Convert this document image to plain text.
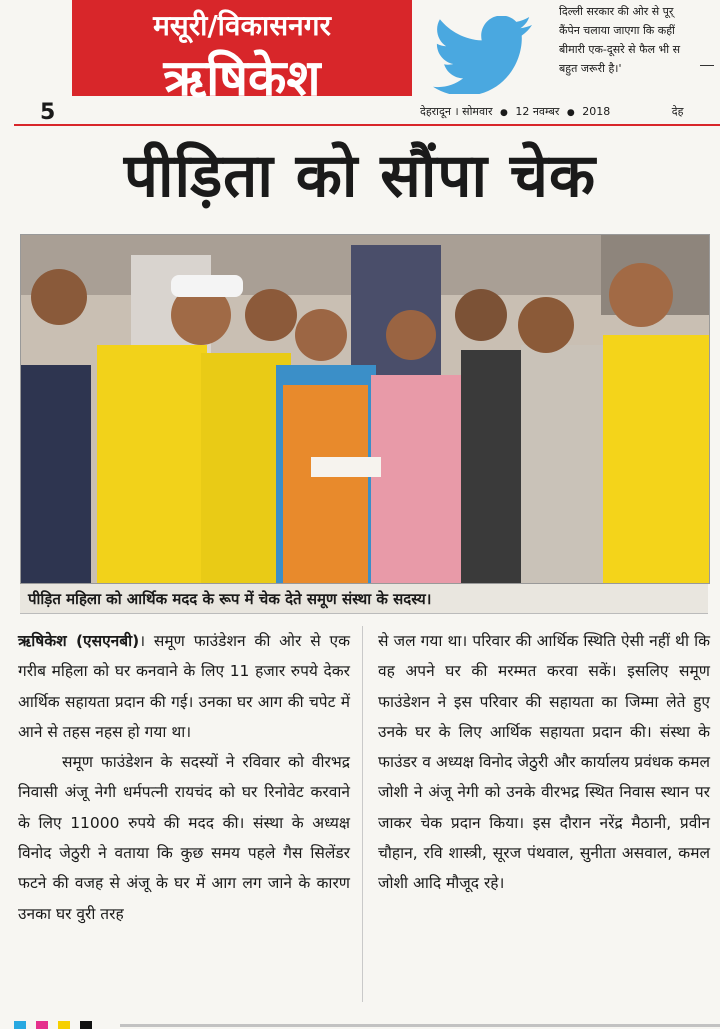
मसूरी/विकासनगर
ऋषिकेश
5
दिल्ली सरकार की ओर से पूर्
कैंपेन चलाया जाएगा कि कहीं
बीमारी एक-दूसरे से फैल भी स
बहुत जरूरी है।'
देहरादून । सोमवार ● 12 नवम्बर ● 2018	देह
पीड़िता को सौंपा चेक
पीड़ित महिला को आर्थिक मदद के रूप में चेक देते समूण संस्था के सदस्य।

ऋषिकेश (एसएनबी)। समूण फाउंडेशन की ओर से एक गरीब महिला को घर कनवाने के लिए 11 हजार रुपये देकर आर्थिक सहायता प्रदान की गई। उनका घर आग की चपेट में आने से तहस नहस हो गया था।

समूण फाउंडेशन के सदस्यों ने रविवार को वीरभद्र निवासी अंजू नेगी धर्मपत्नी रायचंद को घर रिनोवेट करवाने के लिए 11000 रुपये की मदद की। संस्था के अध्यक्ष विनोद जेठुरी ने वताया कि कुछ समय पहले गैस सिलेंडर फटने की वजह से अंजू के घर में आग लग जाने के कारण उनका घर वुरी तरह

से जल गया था। परिवार की आर्थिक स्थिति ऐसी नहीं थी कि वह अपने घर की मरम्मत करवा सकें। इसलिए समूण फाउंडेशन ने इस परिवार की सहायता का जिम्मा लेते हुए उनके घर के लिए आर्थिक सहायता प्रदान की। संस्था के फाउंडर व अध्यक्ष विनोद जेठुरी और कार्यालय प्रवंधक कमल जोशी ने अंजू नेगी को उनके वीरभद्र स्थित निवास स्थान पर जाकर चेक प्रदान किया। इस दौरान नरेंद्र मैठानी, प्रवीन चौहान, रवि शास्त्री, सूरज पंथवाल, सुनीता असवाल, कमल जोशी आदि मौजूद रहे।
